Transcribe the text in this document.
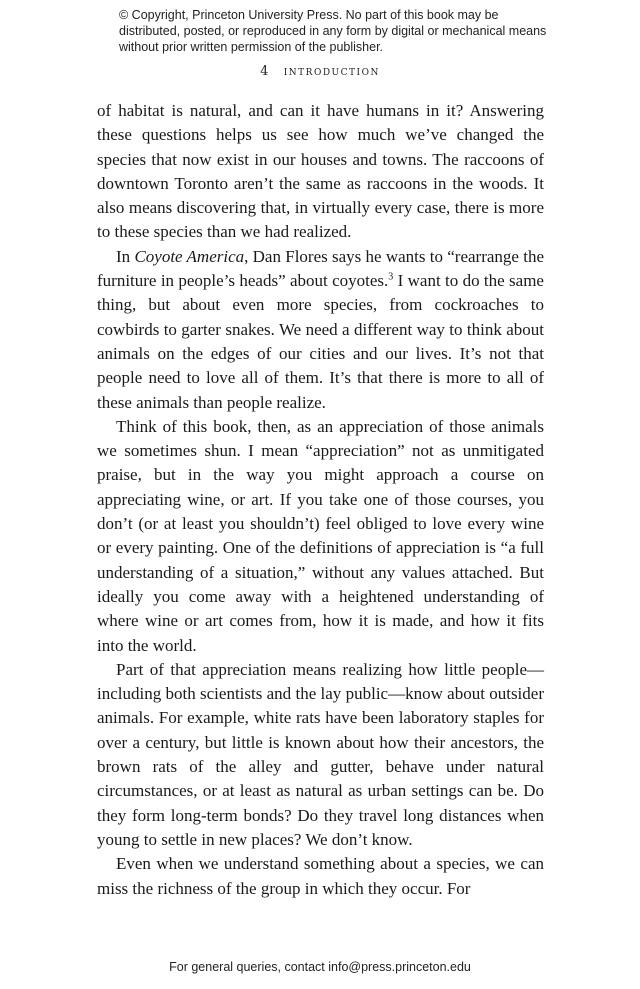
© Copyright, Princeton University Press. No part of this book may be distributed, posted, or reproduced in any form by digital or mechanical means without prior written permission of the publisher.

4 introduction

of habitat is natural, and can it have humans in it? Answering these questions helps us see how much we’ve changed the species that now exist in our houses and towns. The raccoons of downtown Toronto aren’t the same as raccoons in the woods. It also means discovering that, in virtually every case, there is more to these species than we had realized.

In Coyote America, Dan Flores says he wants to “rearrange the furniture in people’s heads” about coyotes.$^3$ I want to do the same thing, but about even more species, from cockroaches to cowbirds to garter snakes. We need a different way to think about animals on the edges of our cities and our lives. It’s not that people need to love all of them. It’s that there is more to all of these animals than people realize.

Think of this book, then, as an appreciation of those animals we sometimes shun. I mean “appreciation” not as unmitigated praise, but in the way you might approach a course on appreciating wine, or art. If you take one of those courses, you don’t (or at least you shouldn’t) feel obliged to love every wine or every painting. One of the definitions of appreciation is “a full understanding of a situation,” without any values attached. But ideally you come away with a heightened understanding of where wine or art comes from, how it is made, and how it fits into the world.

Part of that appreciation means realizing how little people—including both scientists and the lay public—know about outsider animals. For example, white rats have been laboratory staples for over a century, but little is known about how their ancestors, the brown rats of the alley and gutter, behave under natural circumstances, or at least as natural as urban settings can be. Do they form long-term bonds? Do they travel long distances when young to settle in new places? We don’t know.

Even when we understand something about a species, we can miss the richness of the group in which they occur. For

For general queries, contact info@press.princeton.edu
